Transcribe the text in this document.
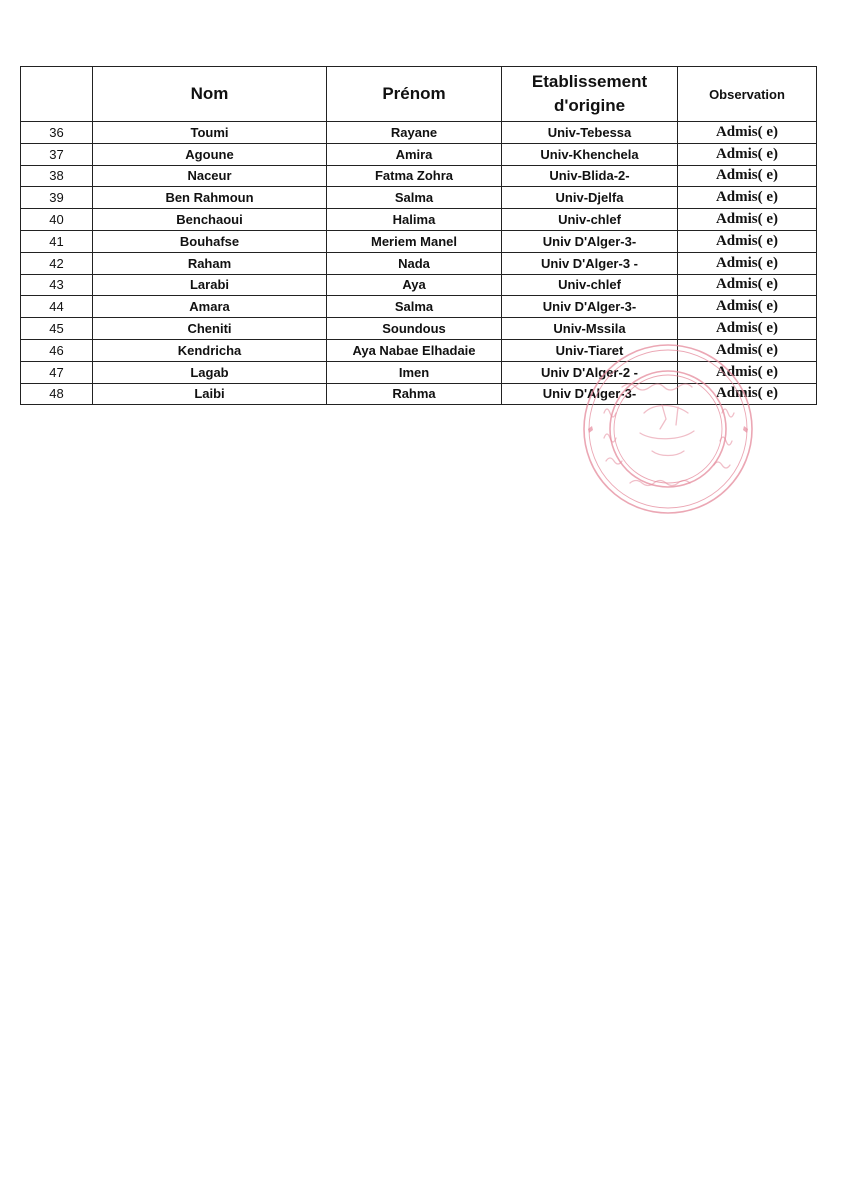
	Nom	Prénom	Etablissement
d'origine	Observation
36	Toumi	Rayane	Univ-Tebessa	Admis( e)
37	Agoune	Amira	Univ-Khenchela	Admis( e)
38	Naceur	Fatma Zohra	Univ-Blida-2-	Admis( e)
39	Ben Rahmoun	Salma	Univ-Djelfa	Admis( e)
40	Benchaoui	Halima	Univ-chlef	Admis( e)
41	Bouhafse	Meriem Manel	Univ D'Alger-3-	Admis( e)
42	Raham	Nada	Univ D'Alger-3 -	Admis( e)
43	Larabi	Aya	Univ-chlef	Admis( e)
44	Amara	Salma	Univ D'Alger-3-	Admis( e)
45	Cheniti	Soundous	Univ-Mssila	Admis( e)
46	Kendricha	Aya Nabae Elhadaie	Univ-Tiaret	Admis( e)
47	Lagab	Imen	Univ D'Alger-2 -	Admis( e)
48	Laibi	Rahma	Univ D'Alger-3-	Admis( e)
